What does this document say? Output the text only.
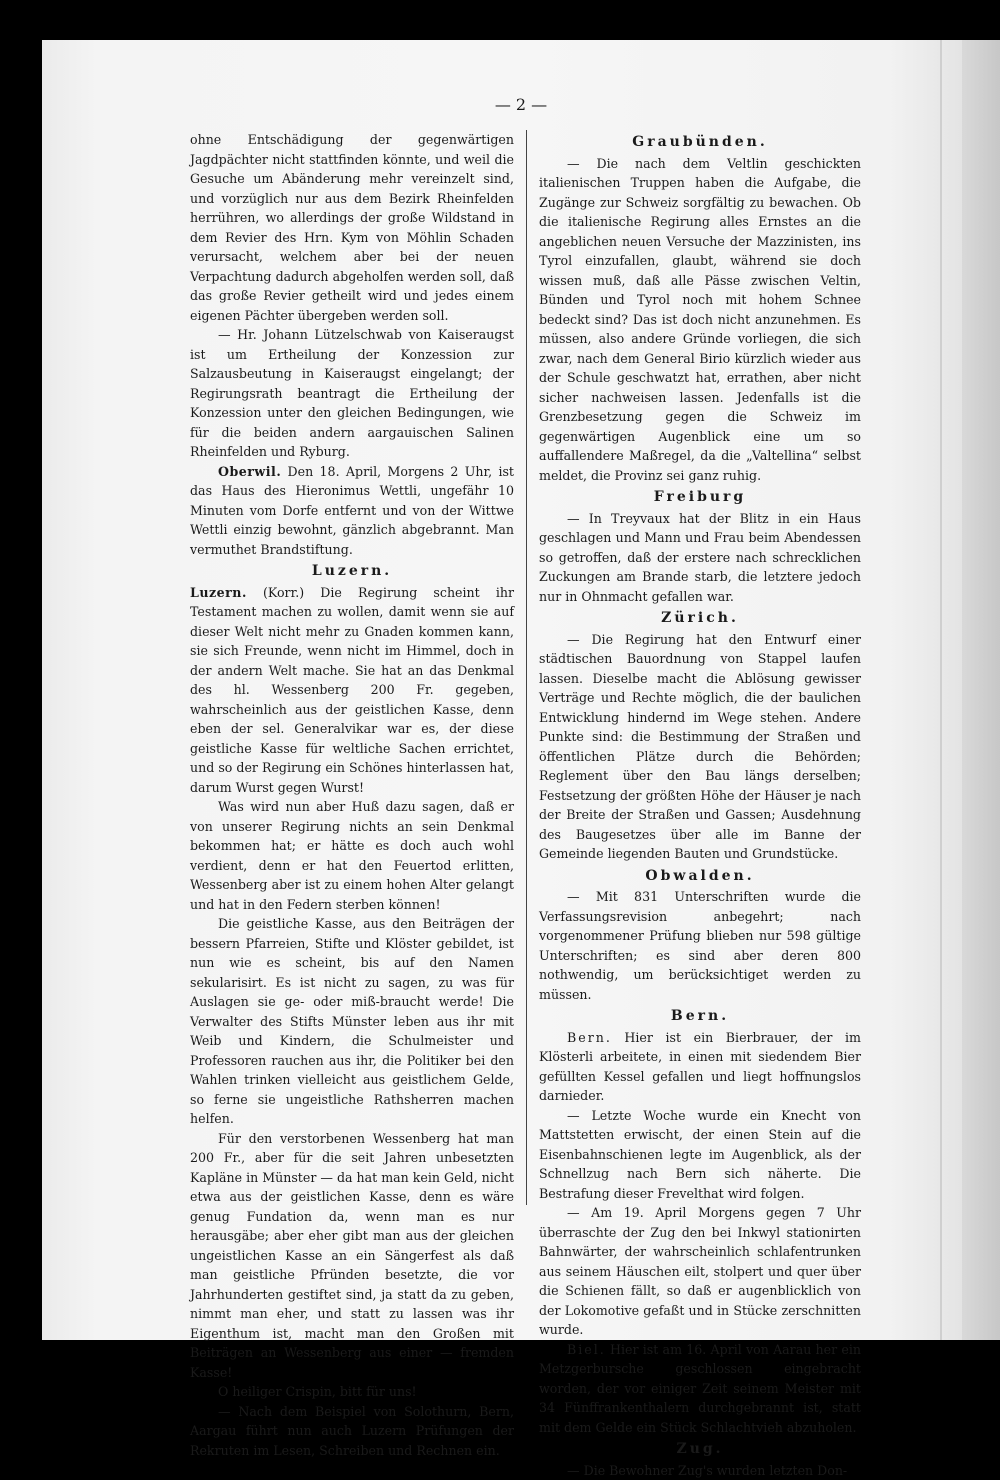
— 2 —

ohne Entschädigung der gegenwärtigen Jagdpächter nicht stattfinden könnte, und weil die Gesuche um Abänderung mehr vereinzelt sind, und vorzüglich nur aus dem Bezirk Rheinfelden herrühren, wo allerdings der große Wildstand in dem Revier des Hrn. Kym von Möhlin Schaden verursacht, welchem aber bei der neuen Verpachtung dadurch abgeholfen werden soll, daß das große Revier getheilt wird und jedes einem eigenen Pächter übergeben werden soll.

— Hr. Johann Lützelschwab von Kaiseraugst ist um Ertheilung der Konzession zur Salzausbeutung in Kaiseraugst eingelangt; der Regirungsrath beantragt die Ertheilung der Konzession unter den gleichen Bedingungen, wie für die beiden andern aargauischen Salinen Rheinfelden und Ryburg.

Oberwil. Den 18. April, Morgens 2 Uhr, ist das Haus des Hieronimus Wettli, ungefähr 10 Minuten vom Dorfe entfernt und von der Wittwe Wettli einzig bewohnt, gänzlich abgebrannt. Man vermuthet Brandstiftung.

Luzern.

Luzern. (Korr.) Die Regirung scheint ihr Testament machen zu wollen, damit wenn sie auf dieser Welt nicht mehr zu Gnaden kommen kann, sie sich Freunde, wenn nicht im Himmel, doch in der andern Welt mache. Sie hat an das Denkmal des hl. Wessenberg 200 Fr. gegeben, wahrscheinlich aus der geistlichen Kasse, denn eben der sel. Generalvikar war es, der diese geistliche Kasse für weltliche Sachen errichtet, und so der Regirung ein Schönes hinterlassen hat, darum Wurst gegen Wurst!

Was wird nun aber Huß dazu sagen, daß er von unserer Regirung nichts an sein Denkmal bekommen hat; er hätte es doch auch wohl verdient, denn er hat den Feuertod erlitten, Wessenberg aber ist zu einem hohen Alter gelangt und hat in den Federn sterben können!

Die geistliche Kasse, aus den Beiträgen der bessern Pfarreien, Stifte und Klöster gebildet, ist nun wie es scheint, bis auf den Namen sekularisirt. Es ist nicht zu sagen, zu was für Auslagen sie ge- oder miß-braucht werde! Die Verwalter des Stifts Münster leben aus ihr mit Weib und Kindern, die Schulmeister und Professoren rauchen aus ihr, die Politiker bei den Wahlen trinken vielleicht aus geistlichem Gelde, so ferne sie ungeistliche Rathsherren machen helfen.

Für den verstorbenen Wessenberg hat man 200 Fr., aber für die seit Jahren unbesetzten Kapläne in Münster — da hat man kein Geld, nicht etwa aus der geistlichen Kasse, denn es wäre genug Fundation da, wenn man es nur herausgäbe; aber eher gibt man aus der gleichen ungeistlichen Kasse an ein Sängerfest als daß man geistliche Pfründen besetzte, die vor Jahrhunderten gestiftet sind, ja statt da zu geben, nimmt man eher, und statt zu lassen was ihr Eigenthum ist, macht man den Großen mit Beiträgen an Wessenberg aus einer — fremden Kasse!

O heiliger Crispin, bitt für uns!

— Nach dem Beispiel von Solothurn, Bern, Aargau führt nun auch Luzern Prüfungen der Rekruten im Lesen, Schreiben und Rechnen ein.

Graubünden.

— Die nach dem Veltlin geschickten italienischen Truppen haben die Aufgabe, die Zugänge zur Schweiz sorgfältig zu bewachen. Ob die italienische Regirung alles Ernstes an die angeblichen neuen Versuche der Mazzinisten, ins Tyrol einzufallen, glaubt, während sie doch wissen muß, daß alle Pässe zwischen Veltin, Bünden und Tyrol noch mit hohem Schnee bedeckt sind? Das ist doch nicht anzunehmen. Es müssen, also andere Gründe vorliegen, die sich zwar, nach dem General Birio kürzlich wieder aus der Schule geschwatzt hat, errathen, aber nicht sicher nachweisen lassen. Jedenfalls ist die Grenzbesetzung gegen die Schweiz im gegenwärtigen Augenblick eine um so auffallendere Maßregel, da die „Valtellina“ selbst meldet, die Provinz sei ganz ruhig.

Freiburg

— In Treyvaux hat der Blitz in ein Haus geschlagen und Mann und Frau beim Abendessen so getroffen, daß der erstere nach schrecklichen Zuckungen am Brande starb, die letztere jedoch nur in Ohnmacht gefallen war.

Zürich.

— Die Regirung hat den Entwurf einer städtischen Bauordnung von Stappel laufen lassen. Dieselbe macht die Ablösung gewisser Verträge und Rechte möglich, die der baulichen Entwicklung hindernd im Wege stehen. Andere Punkte sind: die Bestimmung der Straßen und öffentlichen Plätze durch die Behörden; Reglement über den Bau längs derselben; Festsetzung der größten Höhe der Häuser je nach der Breite der Straßen und Gassen; Ausdehnung des Baugesetzes über alle im Banne der Gemeinde liegenden Bauten und Grundstücke.

Obwalden.

— Mit 831 Unterschriften wurde die Verfassungsrevision anbegehrt; nach vorgenommener Prüfung blieben nur 598 gültige Unterschriften; es sind aber deren 800 nothwendig, um berücksichtiget werden zu müssen.

Bern.

Bern. Hier ist ein Bierbrauer, der im Klösterli arbeitete, in einen mit siedendem Bier gefüllten Kessel gefallen und liegt hoffnungslos darnieder.

— Letzte Woche wurde ein Knecht von Mattstetten erwischt, der einen Stein auf die Eisenbahnschienen legte im Augenblick, als der Schnellzug nach Bern sich näherte. Die Bestrafung dieser Frevelthat wird folgen.

— Am 19. April Morgens gegen 7 Uhr überraschte der Zug den bei Inkwyl stationirten Bahnwärter, der wahrscheinlich schlafentrunken aus seinem Häuschen eilt, stolpert und quer über die Schienen fällt, so daß er augenblicklich von der Lokomotive gefaßt und in Stücke zerschnitten wurde.

Biel. Hier ist am 16. April von Aarau her ein Metzgerbursche geschlossen eingebracht worden, der vor einiger Zeit seinem Meister mit 34 Fünffrankenthalern durchgebrannt ist, statt mit dem Gelde ein Stück Schlachtvieh abzuholen.

Zug.

— Die Bewohner Zug's wurden letzten Don-
